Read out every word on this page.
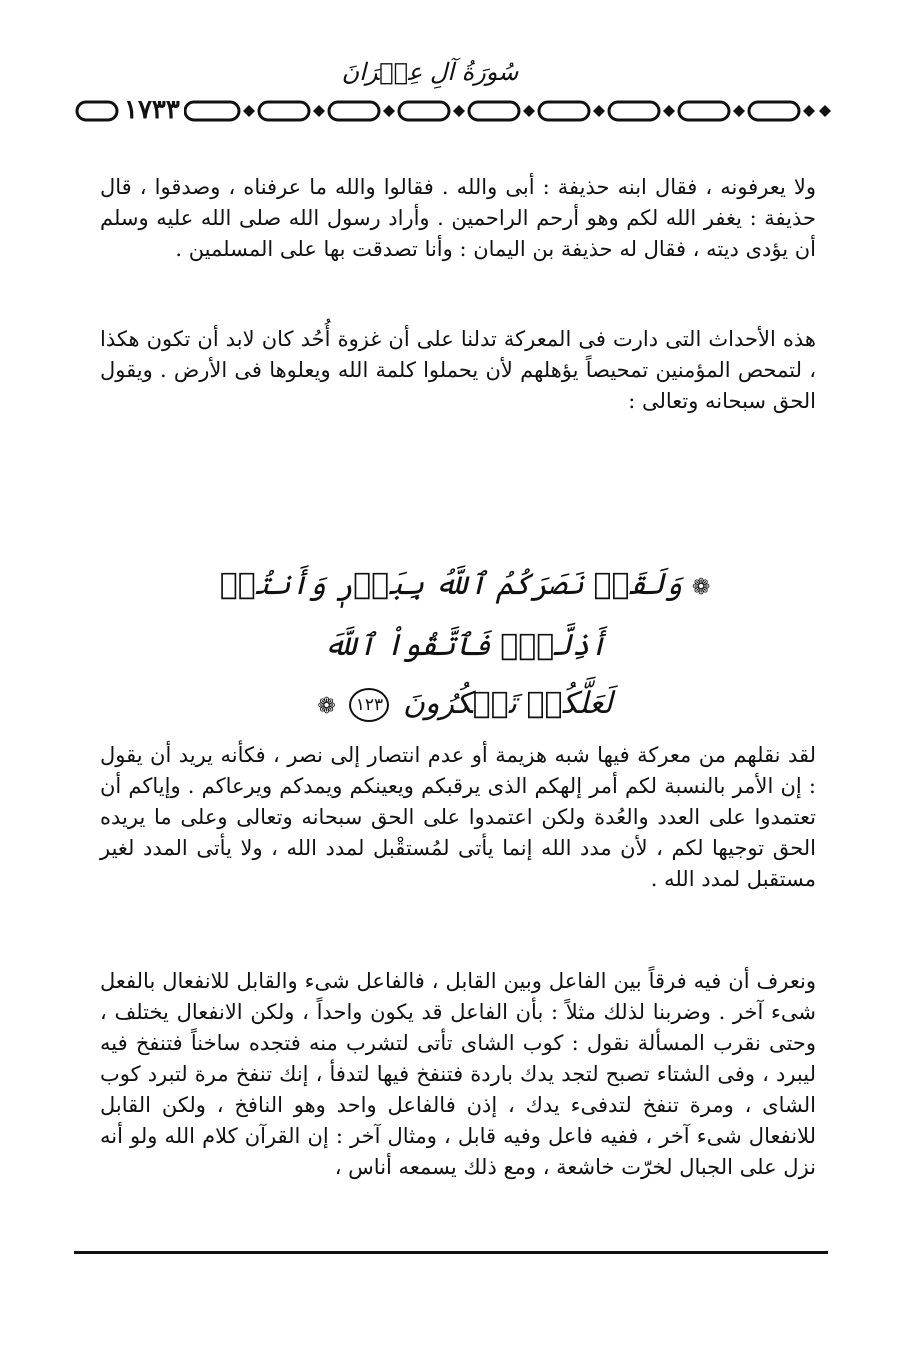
سُورَةُ آلِ عِمۡرَانَ
١٧٣٣

ولا يعرفونه ، فقال ابنه حذيفة : أبى والله . فقالوا والله ما عرفناه ، وصدقوا ، قال حذيفة : يغفر الله لكم وهو أرحم الراحمين . وأراد رسول الله صلى الله عليه وسلم أن يؤدى ديته ، فقال له حذيفة بن اليمان : وأنا تصدقت بها على المسلمين .

هذه الأحداث التى دارت فى المعركة تدلنا على أن غزوة أُحُد كان لابد أن تكون هكذا ، لتمحص المؤمنين تمحيصاً يؤهلهم لأن يحملوا كلمة الله ويعلوها فى الأرض . ويقول الحق سبحانه وتعالى :

❁ وَلَقَدۡ نَصَرَكُمُ ٱللَّهُ بِبَدۡرٖ وَأَنتُمۡ أَذِلَّةٞۖ فَٱتَّقُواْ ٱللَّهَ
لَعَلَّكُمۡ تَشۡكُرُونَ ١٢٣ ❁

لقد نقلهم من معركة فيها شبه هزيمة أو عدم انتصار إلى نصر ، فكأنه يريد أن يقول : إن الأمر بالنسبة لكم أمر إلهكم الذى يرقبكم ويعينكم ويمدكم ويرعاكم . وإياكم أن تعتمدوا على العدد والعُدة ولكن اعتمدوا على الحق سبحانه وتعالى وعلى ما يريده الحق توجيها لكم ، لأن مدد الله إنما يأتى لمُستقْبل لمدد الله ، ولا يأتى المدد لغير مستقبل لمدد الله .

ونعرف أن فيه فرقاً بين الفاعل وبين القابل ، فالفاعل شىء والقابل للانفعال بالفعل شىء آخر . وضربنا لذلك مثلاً : بأن الفاعل قد يكون واحداً ، ولكن الانفعال يختلف ، وحتى نقرب المسألة نقول : كوب الشاى تأتى لتشرب منه فتجده ساخناً فتنفخ فيه ليبرد ، وفى الشتاء تصبح لتجد يدك باردة فتنفخ فيها لتدفأ ، إنك تنفخ مرة لتبرد كوب الشاى ، ومرة تنفخ لتدفىء يدك ، إذن فالفاعل واحد وهو النافخ ، ولكن القابل للانفعال شىء آخر ، ففيه فاعل وفيه قابل ، ومثال آخر : إن القرآن كلام الله ولو أنه نزل على الجبال لخرّت خاشعة ، ومع ذلك يسمعه أناس ،
